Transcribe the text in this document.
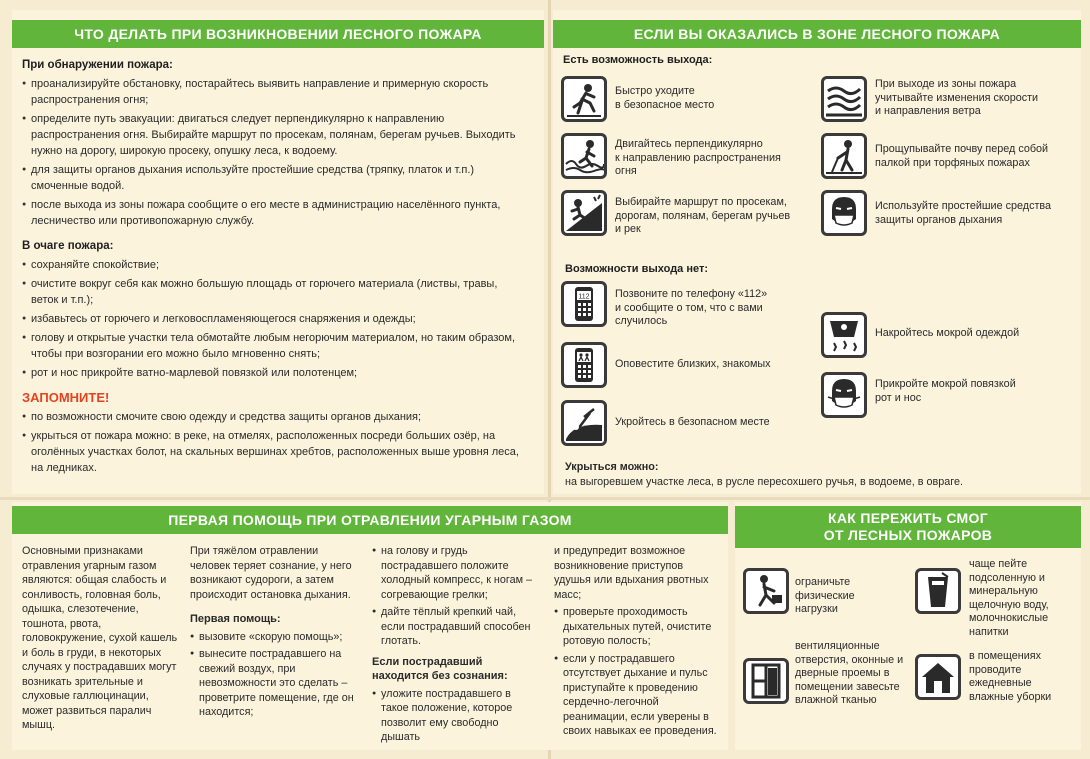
ЧТО ДЕЛАТЬ ПРИ ВОЗНИКНОВЕНИИ ЛЕСНОГО ПОЖАРА
При обнаружении пожара:
● проанализируйте обстановку, постарайтесь выявить направление и примерную скорость распространения огня;
● определите путь эвакуации: двигаться следует перпендикулярно к направлению распространения огня. Выбирайте маршрут по просекам, полянам, берегам ручьев. Выходить нужно на дорогу, широкую просеку, опушку леса, к водоему.
● для защиты органов дыхания используйте простейшие средства (тряпку, платок и т.п.) смоченные водой.
● после выхода из зоны пожара сообщите о его месте в администрацию населённого пункта, лесничество или противопожарную службу.
В очаге пожара:
● сохраняйте спокойствие;
● очистите вокруг себя как можно большую площадь от горючего материала (листвы, травы, веток и т.п.);
● избавьтесь от горючего и легковоспламеняющегося снаряжения и одежды;
● голову и открытые участки тела обмотайте любым негорючим материалом, но таким образом, чтобы при возгорании его можно было мгновенно снять;
● рот и нос прикройте ватно-марлевой повязкой или полотенцем;
ЗАПОМНИТЕ!
● по возможности смочите свою одежду и средства защиты органов дыхания;
● укрыться от пожара можно: в реке, на отмелях, расположенных посреди больших озёр, на оголённых участках болот, на скальных вершинах хребтов, расположенных выше уровня леса, на ледниках.
ЕСЛИ ВЫ ОКАЗАЛИСЬ В ЗОНЕ ЛЕСНОГО ПОЖАРА
Есть возможность выхода:
Быстро уходите
в безопасное место
Двигайтесь перпендикулярно
к направлению распространения
огня
Выбирайте маршрут по просекам,
дорогам, полянам, берегам ручьев
и рек
При выходе из зоны пожара
учитывайте изменения скорости
и направления ветра
Прощупывайте почву перед собой
палкой при торфяных пожарах
Используйте простейшие средства
защиты органов дыхания
Возможности выхода нет:
112 Позвоните по телефону «112»
и сообщите о том, что с вами
случилось
Оповестите близких, знакомых
Укройтесь в безопасном месте
Накройтесь мокрой одеждой
Прикройте мокрой повязкой
рот и нос
Укрыться можно:
на выгоревшем участке леса, в русле пересохшего ручья, в водоеме, в овраге.
ПЕРВАЯ ПОМОЩЬ ПРИ ОТРАВЛЕНИИ УГАРНЫМ ГАЗОМ
Основными признаками отравления угарным газом являются: общая слабость и сонливость, головная боль, одышка, слезотечение, тошнота, рвота, головокружение, сухой кашель и боль в груди, в некоторых случаях у пострадавших могут возникать зрительные и слуховые галлюцинации, может развиться паралич мышц.
При тяжёлом отравлении человек теряет сознание, у него возникают судороги, а затем происходит остановка дыхания.
Первая помощь:
● вызовите «скорую помощь»;
● вынесите пострадавшего на свежий воздух, при невозможности это сделать – проветрите помещение, где он находится;
● на голову и грудь пострадавшего положите холодный компресс, к ногам – согревающие грелки;
● дайте тёплый крепкий чай, если пострадавший способен глотать.
Если пострадавший находится без сознания:
● уложите пострадавшего в такое положение, которое позволит ему свободно дышать
и предупредит возможное возникновение приступов удушья или вдыхания рвотных масс;
● проверьте проходимость дыхательных путей, очистите ротовую полость;
● если у пострадавшего отсутствует дыхание и пульс приступайте к проведению сердечно-легочной реанимации, если уверены в своих навыках ее проведения.
КАК ПЕРЕЖИТЬ СМОГ
ОТ ЛЕСНЫХ ПОЖАРОВ
ограничьте физические нагрузки
чаще пейте подсоленную и минеральную щелочную воду, молочнокислые напитки
вентиляционные отверстия, оконные и дверные проемы в помещении завесьте влажной тканью
в помещениях проводите ежедневные влажные уборки
